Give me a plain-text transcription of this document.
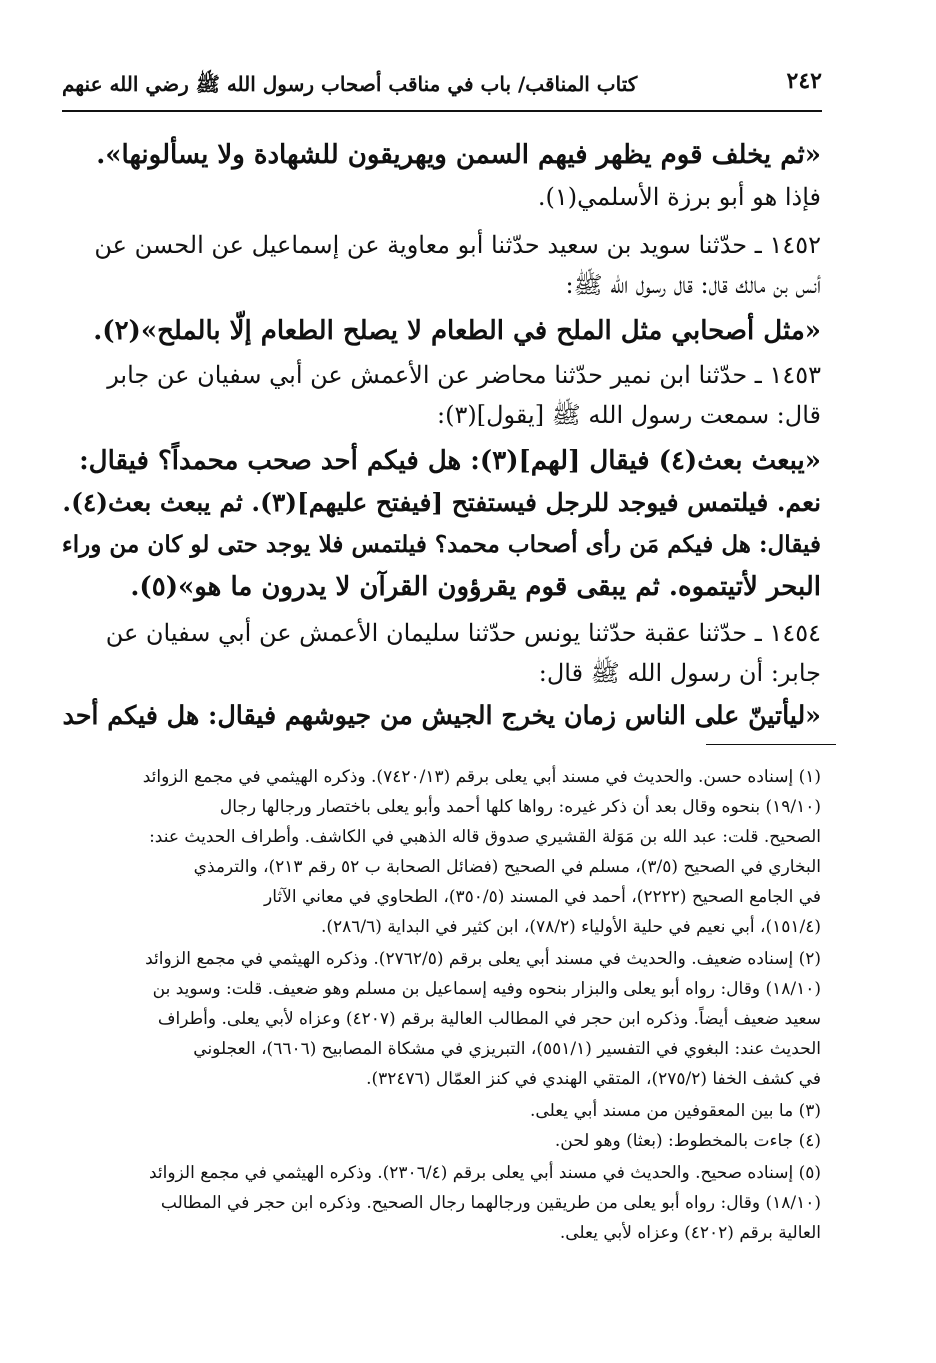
٢٤٢
كتاب المناقب/ باب في مناقب أصحاب رسول الله ﷺ رضي الله عنهم
«ثم يخلف قوم يظهر فيهم السمن ويهريقون للشهادة ولا يسألونها».
فإذا هو أبو برزة الأسلمي(١).
١٤٥٢ ـ حدّثنا سويد بن سعيد حدّثنا أبو معاوية عن إسماعيل عن الحسن عن
أنس بن مالك قال: قال رسول الله ﷺ:
«مثل أصحابي مثل الملح في الطعام لا يصلح الطعام إلّا بالملح»(٢).
١٤٥٣ ـ حدّثنا ابن نمير حدّثنا محاضر عن الأعمش عن أبي سفيان عن جابر
قال: سمعت رسول الله ﷺ [يقول](٣):
«يبعث بعث(٤) فيقال [لهم](٣): هل فيكم أحد صحب محمداً؟ فيقال:
نعم. فيلتمس فيوجد للرجل فيستفتح [فيفتح عليهم](٣). ثم يبعث بعث(٤).
فيقال: هل فيكم مَن رأى أصحاب محمد؟ فيلتمس فلا يوجد حتى لو كان من وراء
البحر لأتيتموه. ثم يبقى قوم يقرؤون القرآن لا يدرون ما هو»(٥).
١٤٥٤ ـ حدّثنا عقبة حدّثنا يونس حدّثنا سليمان الأعمش عن أبي سفيان عن
جابر: أن رسول الله ﷺ قال:
«ليأتينّ على الناس زمان يخرج الجيش من جيوشهم فيقال: هل فيكم أحد
(١) إسناده حسن. والحديث في مسند أبي يعلى برقم (٧٤٢٠/١٣). وذكره الهيثمي في مجمع الزوائد
(١٩/١٠) بنحوه وقال بعد أن ذكر غيره: رواها كلها أحمد وأبو يعلى باختصار ورجالها رجال
الصحيح. قلت: عبد الله بن مَوَلة القشيري صدوق قاله الذهبي في الكاشف. وأطراف الحديث عند:
البخاري في الصحيح (٣/٥)، مسلم في الصحيح (فضائل الصحابة ب ٥٢ رقم ٢١٣)، والترمذي
في الجامع الصحيح (٢٢٢٢)، أحمد في المسند (٣٥٠/٥)، الطحاوي في معاني الآثار
(١٥١/٤)، أبي نعيم في حلية الأولياء (٧٨/٢)، ابن كثير في البداية (٢٨٦/٦).
(٢) إسناده ضعيف. والحديث في مسند أبي يعلى برقم (٢٧٦٢/٥). وذكره الهيثمي في مجمع الزوائد
(١٨/١٠) وقال: رواه أبو يعلى والبزار بنحوه وفيه إسماعيل بن مسلم وهو ضعيف. قلت: وسويد بن
سعيد ضعيف أيضاً. وذكره ابن حجر في المطالب العالية برقم (٤٢٠٧) وعزاه لأبي يعلى. وأطراف
الحديث عند: البغوي في التفسير (٥٥١/١)، التبريزي في مشكاة المصابيح (٦٦٠٦)، العجلوني
في كشف الخفا (٢٧٥/٢)، المتقي الهندي في كنز العمّال (٣٢٤٧٦).
(٣) ما بين المعقوفين من مسند أبي يعلى.
(٤) جاءت بالمخطوط: (بعثا) وهو لحن.
(٥) إسناده صحيح. والحديث في مسند أبي يعلى برقم (٢٣٠٦/٤). وذكره الهيثمي في مجمع الزوائد
(١٨/١٠) وقال: رواه أبو يعلى من طريقين ورجالهما رجال الصحيح. وذكره ابن حجر في المطالب
العالية برقم (٤٢٠٢) وعزاه لأبي يعلى.
